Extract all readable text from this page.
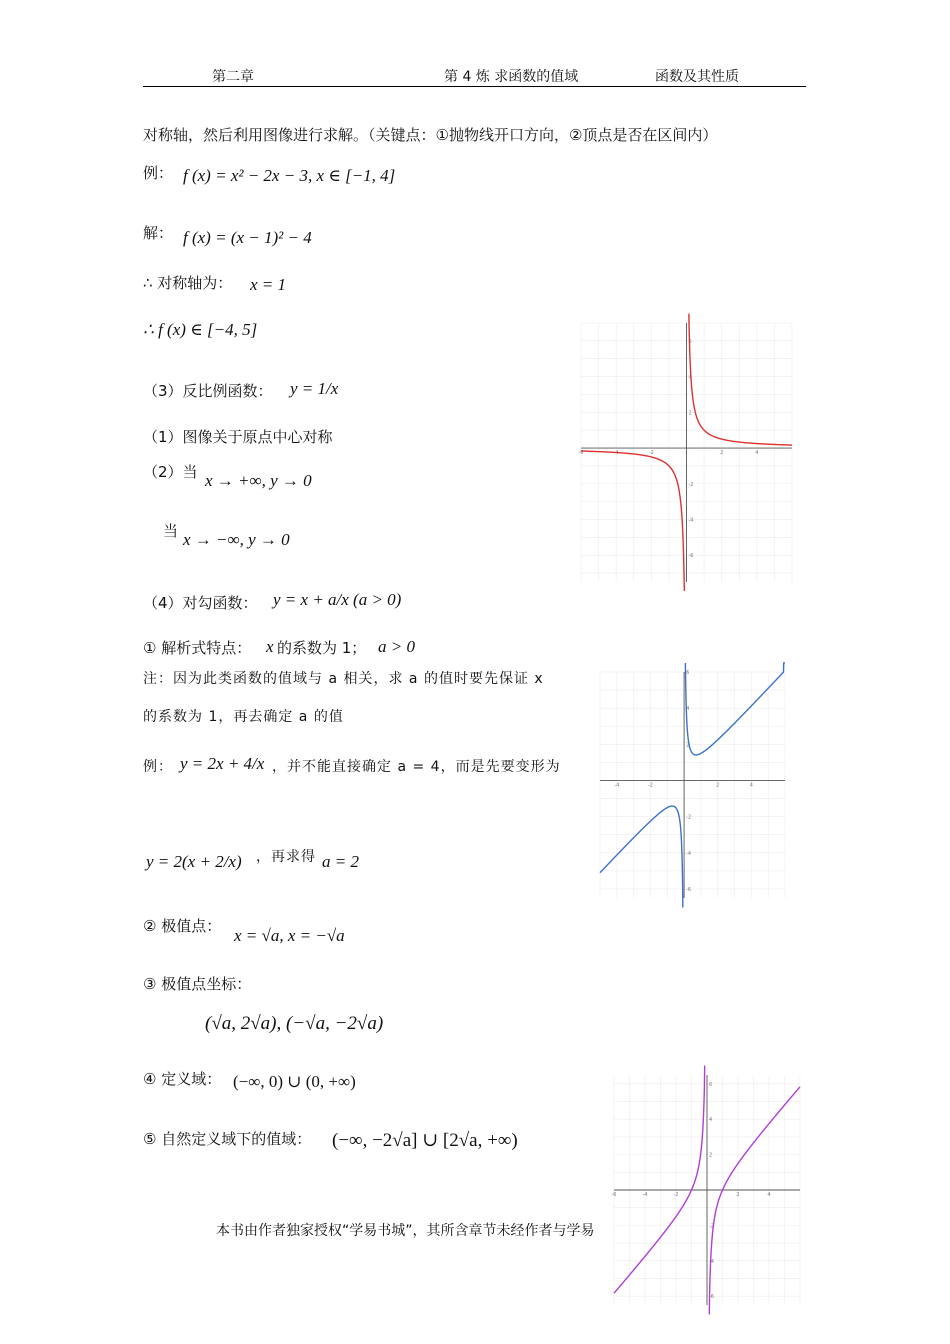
第二章	第 4 炼 求函数的值域	函数及其性质
对称轴，然后利用图像进行求解。（关键点：①抛物线开口方向，②顶点是否在区间内）
例： f (x) = x² − 2x − 3, x ∈ [−1, 4]
解： f (x) = (x − 1)² − 4
∴ 对称轴为： x = 1
∴ f (x) ∈ [−4, 5]
（3）反比例函数： y = 1/x
（1）图像关于原点中心对称
（2）当 x → +∞, y → 0
当 x → −∞, y → 0
（4）对勾函数： y = x + a/x (a > 0)
① 解析式特点： x 的系数为 1； a > 0
注：因为此类函数的值域与 a 相关，求 a 的值时要先保证 x
的系数为 1，再去确定 a 的值
例： y = 2x + 4/x ，并不能直接确定 a = 4，而是先要变形为
y = 2(x + 2/x) ，再求得 a = 2
② 极值点： x = √a, x = −√a
③ 极值点坐标：
(√a, 2√a), (−√a, −2√a)
④ 定义域： (−∞, 0) ∪ (0, +∞)
⑤ 自然定义域下的值域： (−∞, −2√a] ∪ [2√a, +∞)
本书由作者独家授权“学易书城”，其所含章节未经作者与学易
-6	-4	-2	2	4
6
4
2
-2
-4
-6
-4	-2	2	4
6
4
2
-2
-4
-6
-6	-4	-2	2	4
6
4
2
-2
-4
-6
